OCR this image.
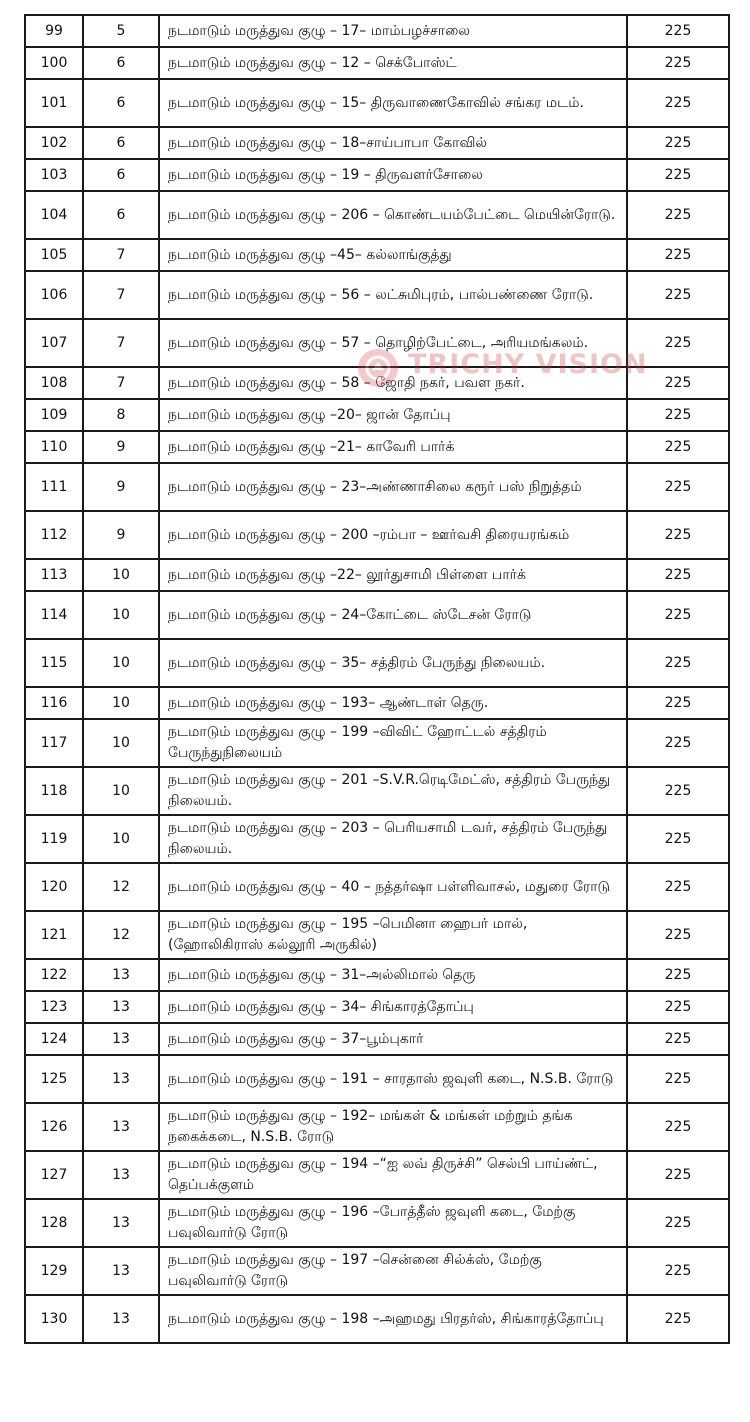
99	5	நடமாடும் மருத்துவ குழு – 17– மாம்பழச்சாலை	225
100	6	நடமாடும் மருத்துவ குழு – 12 – செக்போஸ்ட்	225
101	6	நடமாடும் மருத்துவ குழு – 15– திருவாணைகோவில் சங்கர மடம்.	225
102	6	நடமாடும் மருத்துவ குழு – 18–சாய்பாபா கோவில்	225
103	6	நடமாடும் மருத்துவ குழு – 19 – திருவளர்சோலை	225
104	6	நடமாடும் மருத்துவ குழு – 206 – கொண்டயம்பேட்டை மெயின்ரோடு.	225
105	7	நடமாடும் மருத்துவ குழு –45– கல்லாங்குத்து	225
106	7	நடமாடும் மருத்துவ குழு – 56 – லட்சுமிபுரம், பால்பண்ணை ரோடு.	225
107	7	நடமாடும் மருத்துவ குழு – 57 – தொழிற்பேட்டை, அரியமங்கலம்.	225
108	7	நடமாடும் மருத்துவ குழு – 58 – ஜோதி நகர், பவள நகர்.	225
109	8	நடமாடும் மருத்துவ குழு –20– ஜான் தோப்பு	225
110	9	நடமாடும் மருத்துவ குழு –21– காவேரி பார்க்	225
111	9	நடமாடும் மருத்துவ குழு – 23–அண்ணாசிலை கரூர் பஸ் நிறுத்தம்	225
112	9	நடமாடும் மருத்துவ குழு – 200 –ரம்பா – ஊர்வசி திரையரங்கம்	225
113	10	நடமாடும் மருத்துவ குழு –22– லூர்துசாமி பிள்ளை பார்க்	225
114	10	நடமாடும் மருத்துவ குழு – 24–கோட்டை ஸ்டேசன் ரோடு	225
115	10	நடமாடும் மருத்துவ குழு – 35– சத்திரம் பேருந்து நிலையம்.	225
116	10	நடமாடும் மருத்துவ குழு – 193– ஆண்டாள் தெரு.	225
117	10	நடமாடும் மருத்துவ குழு – 199 –விவிட் ஹோட்டல் சத்திரம் பேருந்துநிலையம்	225
118	10	நடமாடும் மருத்துவ குழு – 201 –S.V.R.ரெடிமேட்ஸ், சத்திரம் பேருந்து நிலையம்.	225
119	10	நடமாடும் மருத்துவ குழு – 203 – பெரியசாமி டவர், சத்திரம் பேருந்து நிலையம்.	225
120	12	நடமாடும் மருத்துவ குழு – 40 – நத்தர்ஷா பள்ளிவாசல், மதுரை ரோடு	225
121	12	நடமாடும் மருத்துவ குழு – 195 –பெமினா ஹைபர் மால், (ஹோலிகிராஸ் கல்லூரி அருகில்)	225
122	13	நடமாடும் மருத்துவ குழு – 31–அல்லிமால் தெரு	225
123	13	நடமாடும் மருத்துவ குழு – 34– சிங்காரத்தோப்பு	225
124	13	நடமாடும் மருத்துவ குழு – 37–பூம்புகார்	225
125	13	நடமாடும் மருத்துவ குழு – 191 – சாரதாஸ் ஜவுளி கடை, N.S.B. ரோடு	225
126	13	நடமாடும் மருத்துவ குழு – 192– மங்கள் & மங்கள் மற்றும் தங்க நகைக்கடை, N.S.B. ரோடு	225
127	13	நடமாடும் மருத்துவ குழு – 194 –“ஐ லவ் திருச்சி” செல்பி பாய்ண்ட், தெப்பக்குளம்	225
128	13	நடமாடும் மருத்துவ குழு – 196 –போத்தீஸ் ஜவுளி கடை, மேற்கு பவுலிவார்டு ரோடு	225
129	13	நடமாடும் மருத்துவ குழு – 197 –சென்னை சில்க்ஸ், மேற்கு பவுலிவார்டு ரோடு	225
130	13	நடமாடும் மருத்துவ குழு – 198 –அஹமது பிரதர்ஸ், சிங்காரத்தோப்பு	225
TRICHY VISION
